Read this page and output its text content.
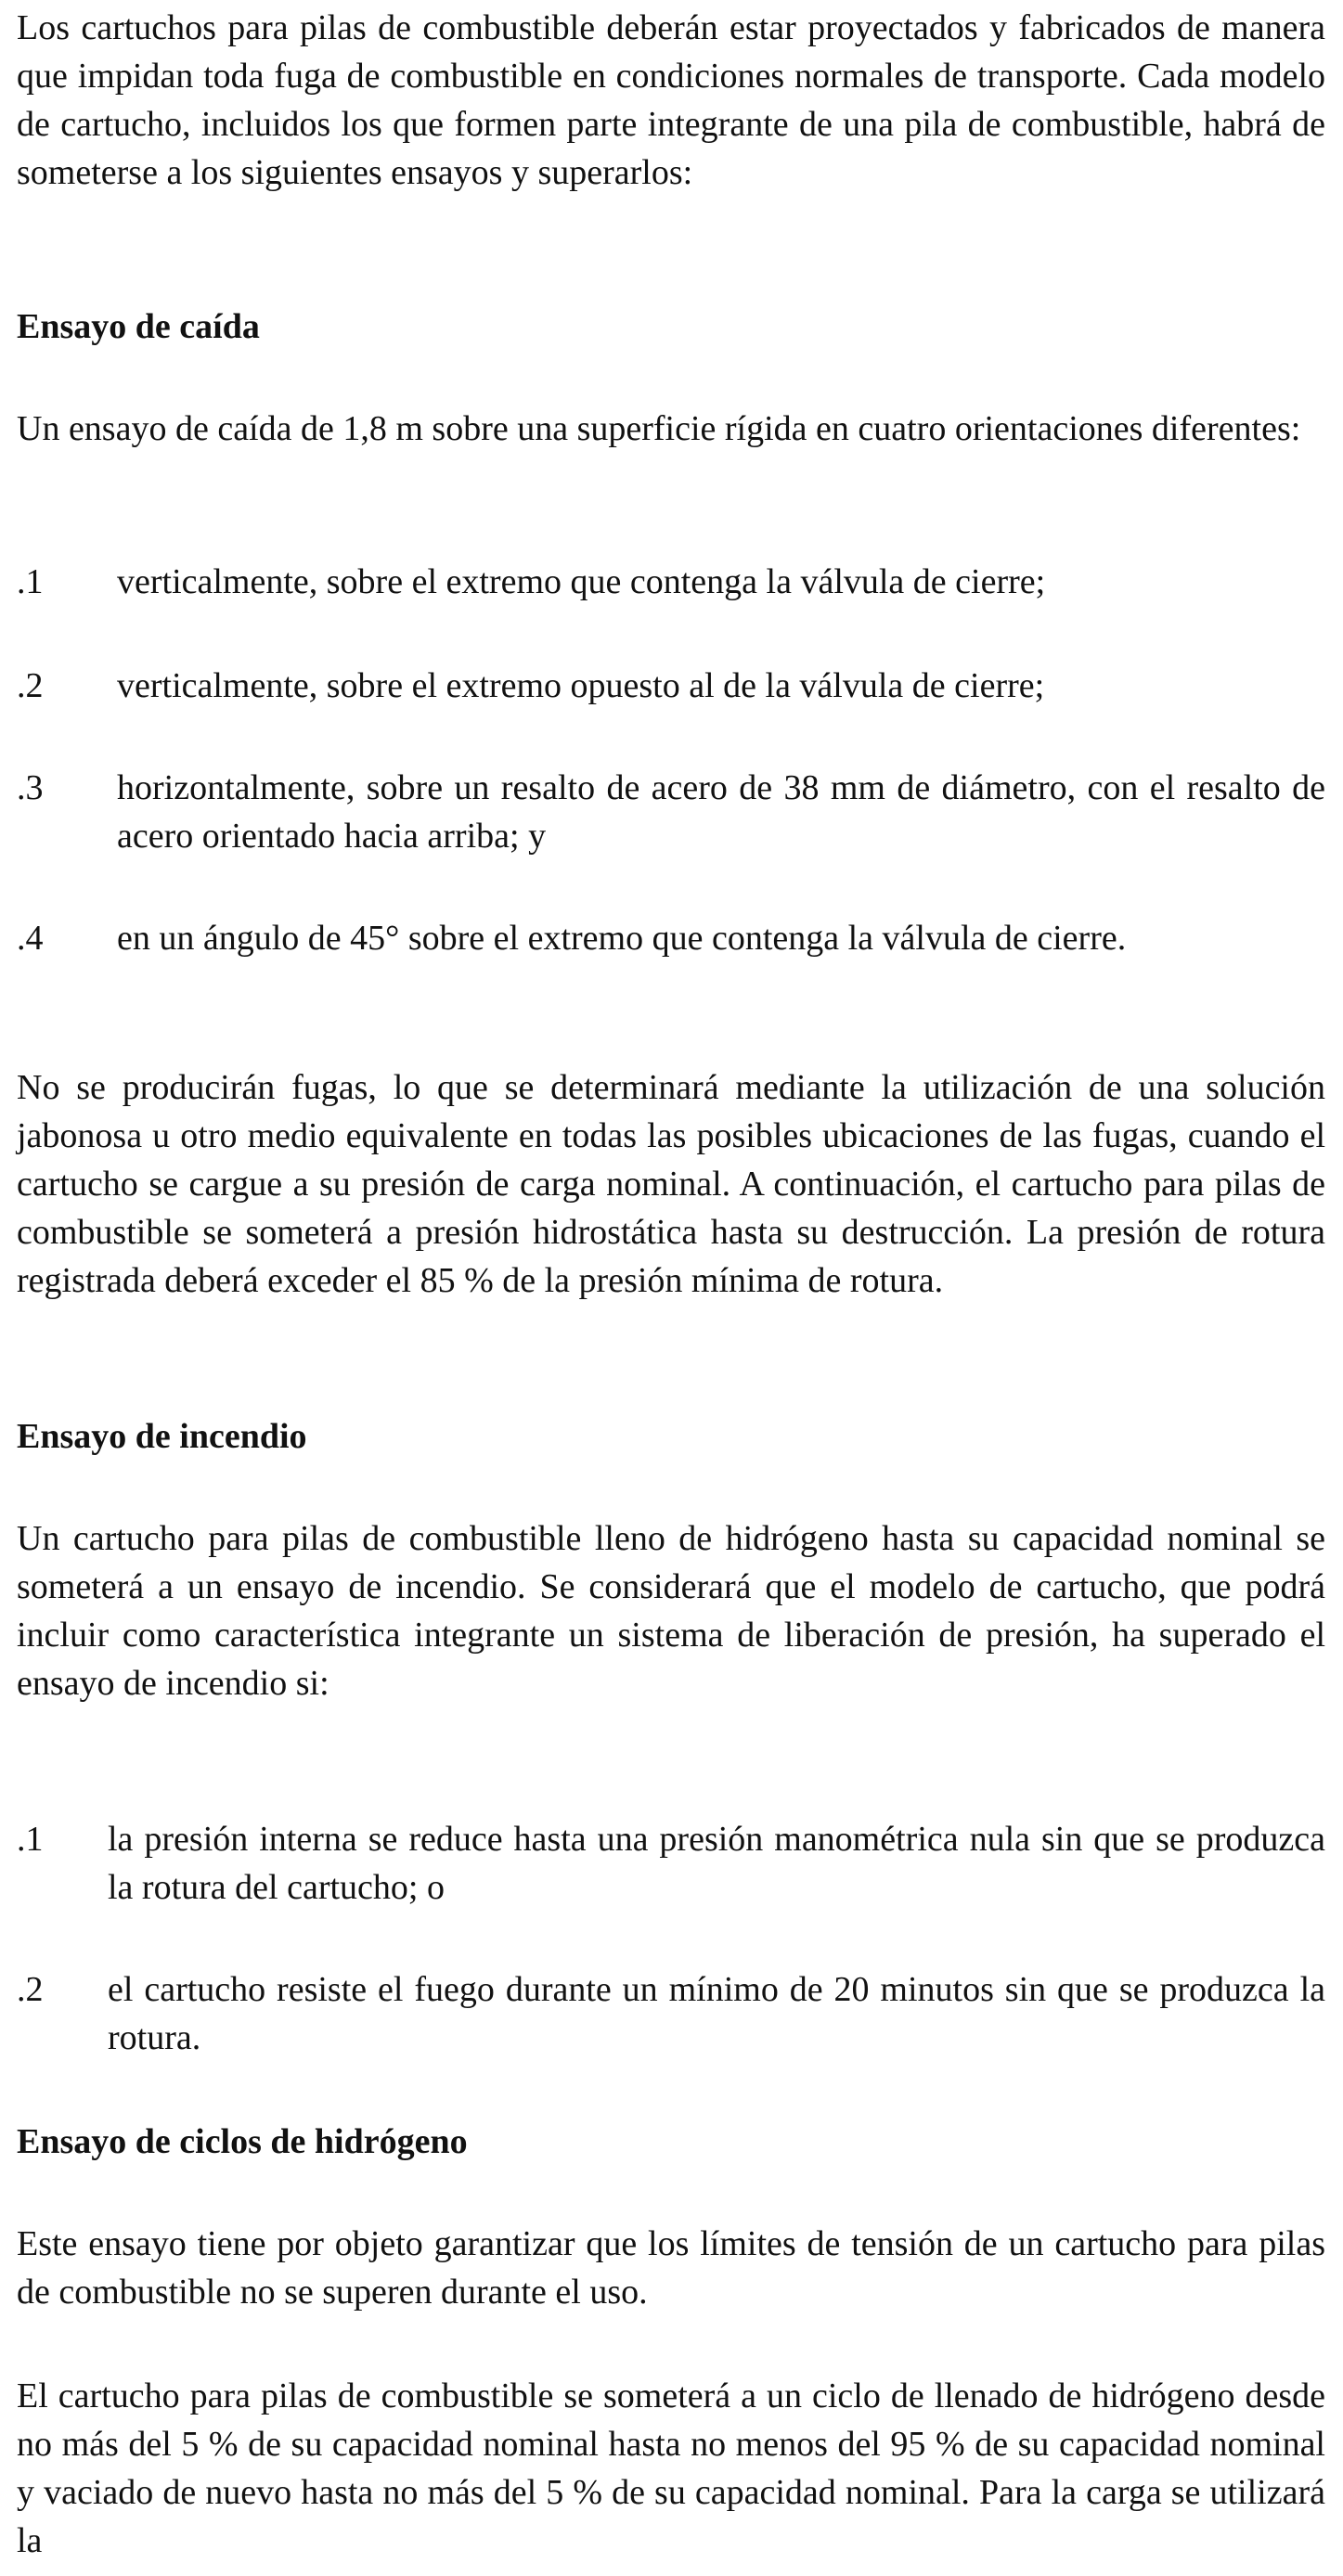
Los cartuchos para pilas de combustible deberán estar proyectados y fabricados de manera que impidan toda fuga de combustible en condiciones normales de transporte. Cada modelo de cartucho, incluidos los que formen parte integrante de una pila de combustible, habrá de someterse a los siguientes ensayos y superarlos:

Ensayo de caída

Un ensayo de caída de 1,8 m sobre una superficie rígida en cuatro orientaciones diferentes:

.1	verticalmente, sobre el extremo que contenga la válvula de cierre;
.2	verticalmente, sobre el extremo opuesto al de la válvula de cierre;
.3	horizontalmente, sobre un resalto de acero de 38 mm de diámetro, con el resalto de acero orientado hacia arriba; y
.4	en un ángulo de 45° sobre el extremo que contenga la válvula de cierre.

No se producirán fugas, lo que se determinará mediante la utilización de una solución jabonosa u otro medio equivalente en todas las posibles ubicaciones de las fugas, cuando el cartucho se cargue a su presión de carga nominal. A continuación, el cartucho para pilas de combustible se someterá a presión hidrostática hasta su destrucción. La presión de rotura registrada deberá exceder el 85 % de la presión mínima de rotura.

Ensayo de incendio

Un cartucho para pilas de combustible lleno de hidrógeno hasta su capacidad nominal se someterá a un ensayo de incendio. Se considerará que el modelo de cartucho, que podrá incluir como característica integrante un sistema de liberación de presión, ha superado el ensayo de incendio si:

.1	la presión interna se reduce hasta una presión manométrica nula sin que se produzca la rotura del cartucho; o
.2	el cartucho resiste el fuego durante un mínimo de 20 minutos sin que se produzca la rotura.

Ensayo de ciclos de hidrógeno

Este ensayo tiene por objeto garantizar que los límites de tensión de un cartucho para pilas de combustible no se superen durante el uso.

El cartucho para pilas de combustible se someterá a un ciclo de llenado de hidrógeno desde no más del 5 % de su capacidad nominal hasta no menos del 95 % de su capacidad nominal y vaciado de nuevo hasta no más del 5 % de su capacidad nominal. Para la carga se utilizará la
